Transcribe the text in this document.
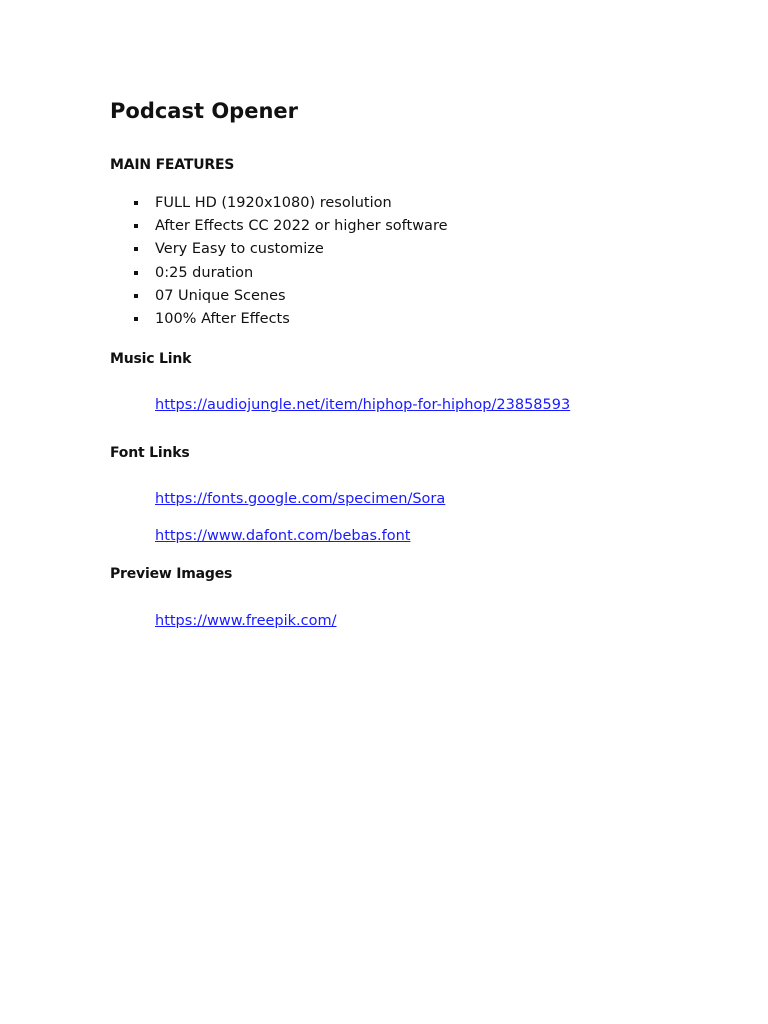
Podcast Opener
MAIN FEATURES
FULL HD (1920x1080) resolution
After Effects CC 2022 or higher software
Very Easy to customize
0:25 duration
07 Unique Scenes
100% After Effects
Music Link
https://audiojungle.net/item/hiphop-for-hiphop/23858593
Font Links
https://fonts.google.com/specimen/Sora
https://www.dafont.com/bebas.font
Preview Images
https://www.freepik.com/
